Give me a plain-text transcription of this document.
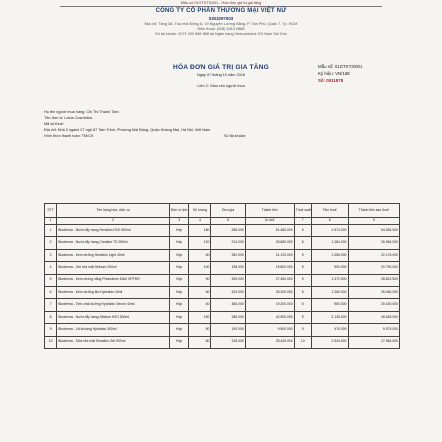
Mẫu số 01GTKT3/001 - Hóa đơn giá trị gia tăng
CÔNG TY CỔ PHẦN THƯƠNG MẠI VIỆT NỮ
0303297603
Địa chỉ: Tầng 3A, Tòa nhà Đông Á, 19 Nguyễn Lương Bằng, P. Tân Phú, Quận 7, Tp. HCM
Điện thoại: (028) 5413 0888
Số tài khoản: 0071 000 688 888 tại Ngân hàng Vietcombank CN Nam Sài Gòn
HÓA ĐƠN GIÁ TRỊ GIA TĂNG	Mẫu số: 01GTKT3/001
Ký hiệu: VN/16E
Số: 0011878
Ngày 07 tháng 10 năm 2016
Liên 2: Giao cho người mua
Họ tên người mua hàng: Chị Thị Thanh Tâm
Tên đơn vị: Lotus Cosmetics
Mã số thuế:
Địa chỉ: Nhà 2 ngách 27 ngõ 87 Tam Trinh, Phường Mai Động, Quận Hoàng Mai, Hà Nội, Việt Nam
Hình thức thanh toán: TM/CK	Số tài khoản:
STT	Tên hàng hóa, dịch vụ	Đơn vị tính	Số lượng	Đơn giá	Thành tiền	Thuế suất	Tiền thuế	Thành tiền sau thuế
1	2	3	4	5	6=4x5	7	8	9
1	Bioderma - Nước tẩy trang Sensibio H2O 500ml	Hộp	180	286.000	51.480.000	5	2.574.000	54.054.000
2	Bioderma - Nước tẩy trang Créaline TS 250ml	Hộp	120	214.000	25.680.000	5	1.284.000	26.964.000
3	Bioderma - Kem dưỡng Sensibio Light 40ml	Hộp	60	352.000	21.120.000	5	1.056.000	22.176.000
4	Bioderma - Gel rửa mặt Sébium 200ml	Hộp	100	198.000	19.800.000	5	990.000	20.790.000
5	Bioderma - Kem chống nắng Photoderm MAX SPF50+	Hộp	90	305.000	27.450.000	5	1.372.500	28.822.500
6	Bioderma - Kem dưỡng ẩm Hydrabio 40ml	Hộp	60	420.000	25.200.000	5	1.260.000	26.460.000
7	Bioderma - Tinh chất dưỡng Hydrabio Sérum 40ml	Hộp	40	480.000	19.200.000	5	960.000	20.160.000
8	Bioderma - Nước tẩy trang Sébium H2O 500ml	Hộp	150	286.000	42.900.000	5	2.145.000	45.045.000
9	Bioderma - Xịt khoáng Hydrabio 300ml	Hộp	50	190.000	9.500.000	5	475.000	9.975.000
10	Bioderma - Sữa rửa mặt Sensibio Gel 500ml	Hộp	80	318.000	25.440.000	10	2.544.000	27.984.000
